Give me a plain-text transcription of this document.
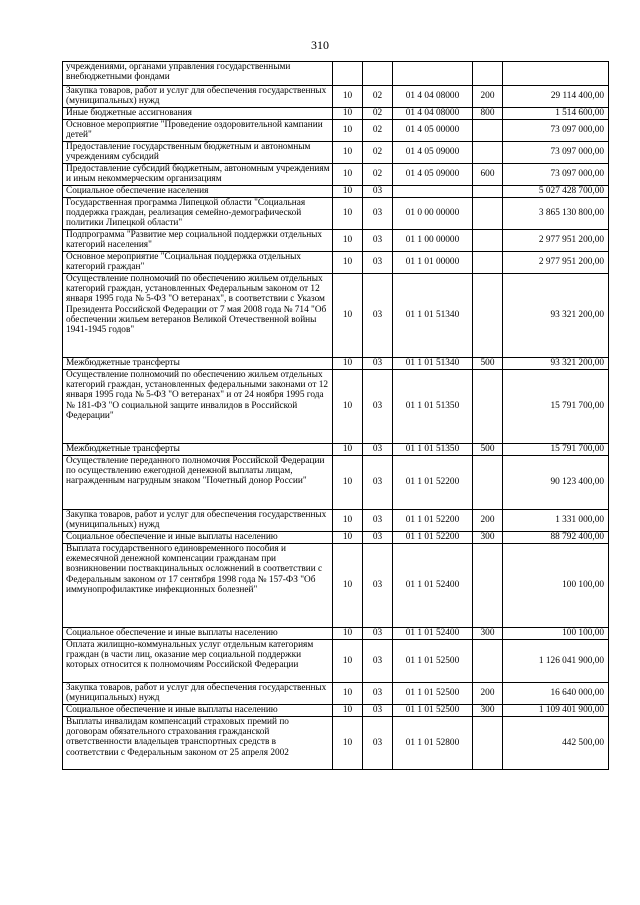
310
учреждениями, органами управления государственными внебюджетными фондами					
Закупка товаров, работ и услуг для обеспечения государственных (муниципальных) нужд	10	02	01 4 04 08000	200	29 114 400,00
Иные бюджетные ассигнования	10	02	01 4 04 08000	800	1 514 600,00
Основное мероприятие "Проведение оздоровительной кампании детей"	10	02	01 4 05 00000		73 097 000,00
Предоставление государственным бюджетным и автономным учреждениям субсидий	10	02	01 4 05 09000		73 097 000,00
Предоставление субсидий бюджетным, автономным учреждениям и иным некоммерческим организациям	10	02	01 4 05 09000	600	73 097 000,00
Социальное обеспечение населения	10	03			5 027 428 700,00
Государственная программа Липецкой области "Социальная поддержка граждан, реализация семейно-демографической политики Липецкой области"	10	03	01 0 00 00000		3 865 130 800,00
Подпрограмма "Развитие мер социальной поддержки отдельных категорий населения"	10	03	01 1 00 00000		2 977 951 200,00
Основное мероприятие "Социальная поддержка отдельных категорий граждан"	10	03	01 1 01 00000		2 977 951 200,00
Осуществление полномочий по обеспечению жильем отдельных категорий граждан, установленных Федеральным законом от 12 января 1995 года № 5-ФЗ "О ветеранах", в соответствии с Указом Президента Российской Федерации от 7 мая 2008 года № 714 "Об обеспечении жильем ветеранов Великой Отечественной войны 1941-1945 годов"	10	03	01 1 01 51340		93 321 200,00
Межбюджетные трансферты	10	03	01 1 01 51340	500	93 321 200,00
Осуществление полномочий по обеспечению жильем отдельных категорий граждан, установленных федеральными законами от 12 января 1995 года № 5-ФЗ "О ветеранах" и от 24 ноября 1995 года № 181-ФЗ "О социальной защите инвалидов в Российской Федерации"	10	03	01 1 01 51350		15 791 700,00
Межбюджетные трансферты	10	03	01 1 01 51350	500	15 791 700,00
Осуществление переданного полномочия Российской Федерации по осуществлению ежегодной денежной выплаты лицам, награжденным нагрудным знаком "Почетный донор России"	10	03	01 1 01 52200		90 123 400,00
Закупка товаров, работ и услуг для обеспечения государственных (муниципальных) нужд	10	03	01 1 01 52200	200	1 331 000,00
Социальное обеспечение и иные выплаты населению	10	03	01 1 01 52200	300	88 792 400,00
Выплата государственного единовременного пособия и ежемесячной денежной компенсации гражданам при возникновении поствакцинальных осложнений в соответствии с Федеральным законом от 17 сентября 1998 года № 157-ФЗ "Об иммунопрофилактике инфекционных болезней"	10	03	01 1 01 52400		100 100,00
Социальное обеспечение и иные выплаты населению	10	03	01 1 01 52400	300	100 100,00
Оплата жилищно-коммунальных услуг отдельным категориям граждан (в части лиц, оказание мер социальной поддержки которых относится к полномочиям Российской Федерации	10	03	01 1 01 52500		1 126 041 900,00
Закупка товаров, работ и услуг для обеспечения государственных (муниципальных) нужд	10	03	01 1 01 52500	200	16 640 000,00
Социальное обеспечение и иные выплаты населению	10	03	01 1 01 52500	300	1 109 401 900,00
Выплаты инвалидам компенсаций страховых премий по договорам обязательного страхования гражданской ответственности владельцев транспортных средств в соответствии с Федеральным законом от 25 апреля 2002	10	03	01 1 01 52800		442 500,00
